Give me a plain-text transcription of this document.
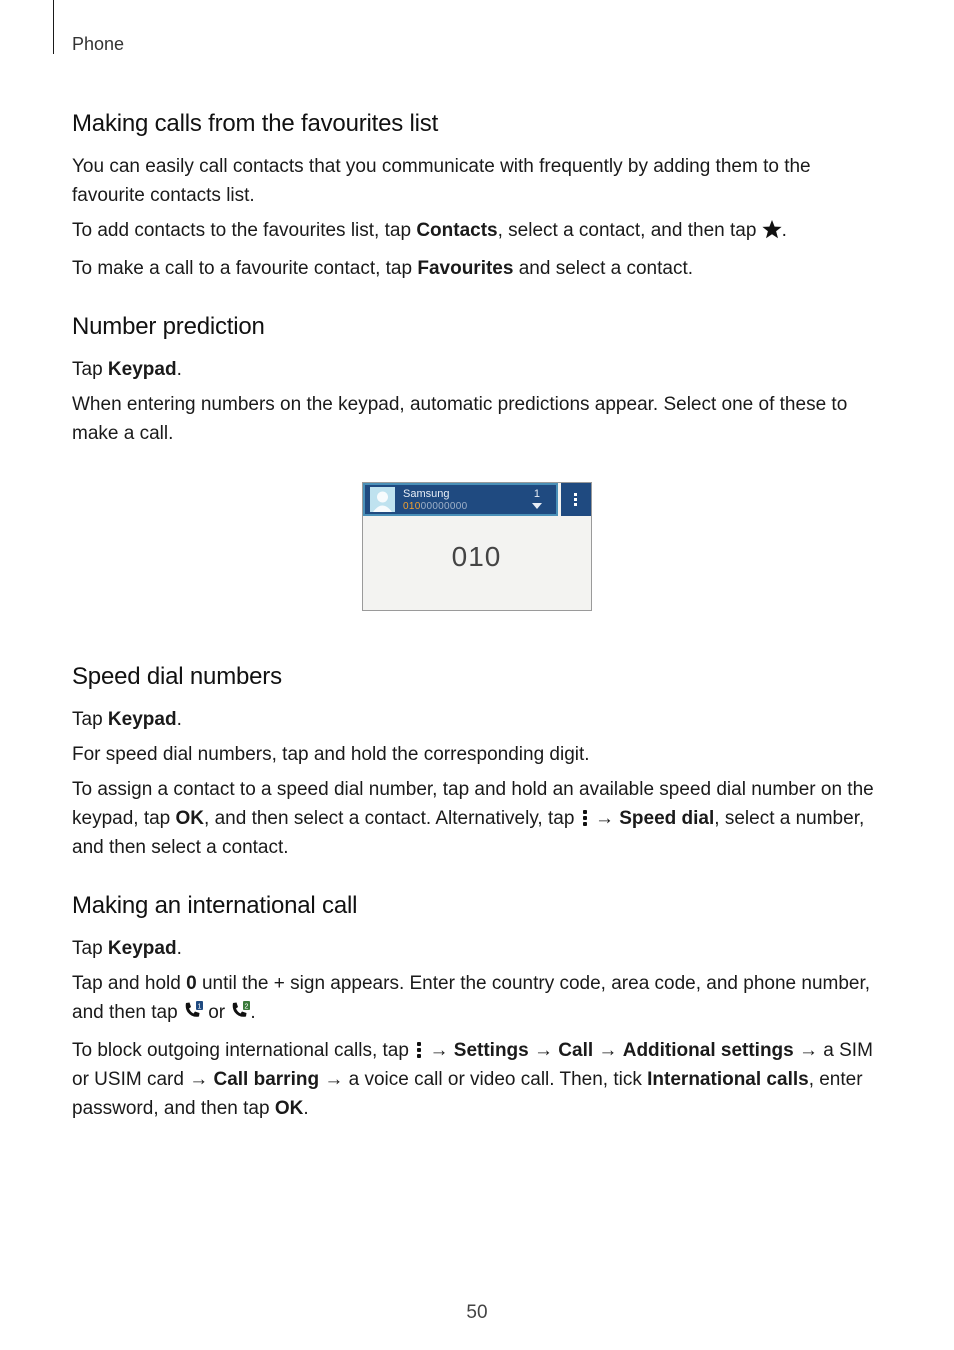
Phone
Making calls from the favourites list

You can easily call contacts that you communicate with frequently by adding them to the favourite contacts list.

To add contacts to the favourites list, tap Contacts, select a contact, and then tap .

To make a call to a favourite contact, tap Favourites and select a contact.

Number prediction

Tap Keypad.

When entering numbers on the keypad, automatic predictions appear. Select one of these to make a call.

Samsung
01000000000
1
010
Speed dial numbers

Tap Keypad.

For speed dial numbers, tap and hold the corresponding digit.

To assign a contact to a speed dial number, tap and hold an available speed dial number on the keypad, tap OK, and then select a contact. Alternatively, tap
→ Speed dial, select a number, and then select a contact.

Making an international call

Tap Keypad.

Tap and hold 0 until the + sign appears. Enter the country code, area code, and phone number, and then tap 1 or 2 .

To block outgoing international calls, tap
→ Settings → Call → Additional settings → a SIM or USIM card → Call barring → a voice call or video call. Then, tick International calls, enter password, and then tap OK.

50
